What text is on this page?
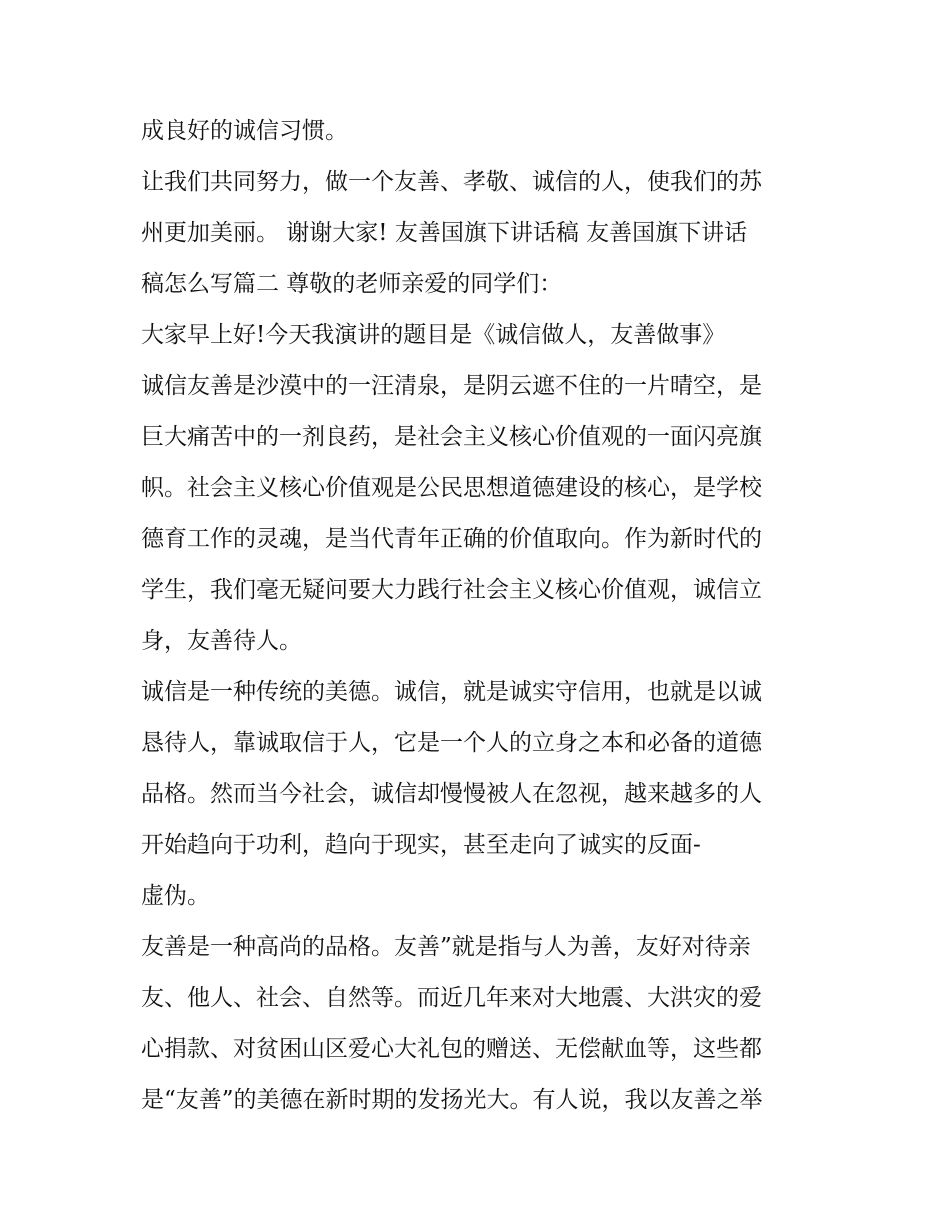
成良好的诚信习惯。
让我们共同努力，做一个友善、孝敬、诚信的人，使我们的苏
州更加美丽。 谢谢大家! 友善国旗下讲话稿 友善国旗下讲话
稿怎么写篇二 尊敬的老师亲爱的同学们：
大家早上好!今天我演讲的题目是《诚信做人，友善做事》
诚信友善是沙漠中的一汪清泉，是阴云遮不住的一片晴空，是
巨大痛苦中的一剂良药，是社会主义核心价值观的一面闪亮旗
帜。社会主义核心价值观是公民思想道德建设的核心，是学校
德育工作的灵魂，是当代青年正确的价值取向。作为新时代的
学生，我们毫无疑问要大力践行社会主义核心价值观，诚信立
身，友善待人。
诚信是一种传统的美德。诚信，就是诚实守信用，也就是以诚
恳待人，靠诚取信于人，它是一个人的立身之本和必备的道德
品格。然而当今社会，诚信却慢慢被人在忽视，越来越多的人
开始趋向于功利，趋向于现实，甚至走向了诚实的反面-
虚伪。
友善是一种高尚的品格。友善”就是指与人为善，友好对待亲
友、他人、社会、自然等。而近几年来对大地震、大洪灾的爱
心捐款、对贫困山区爱心大礼包的赠送、无偿献血等，这些都
是“友善”的美德在新时期的发扬光大。有人说，我以友善之举
